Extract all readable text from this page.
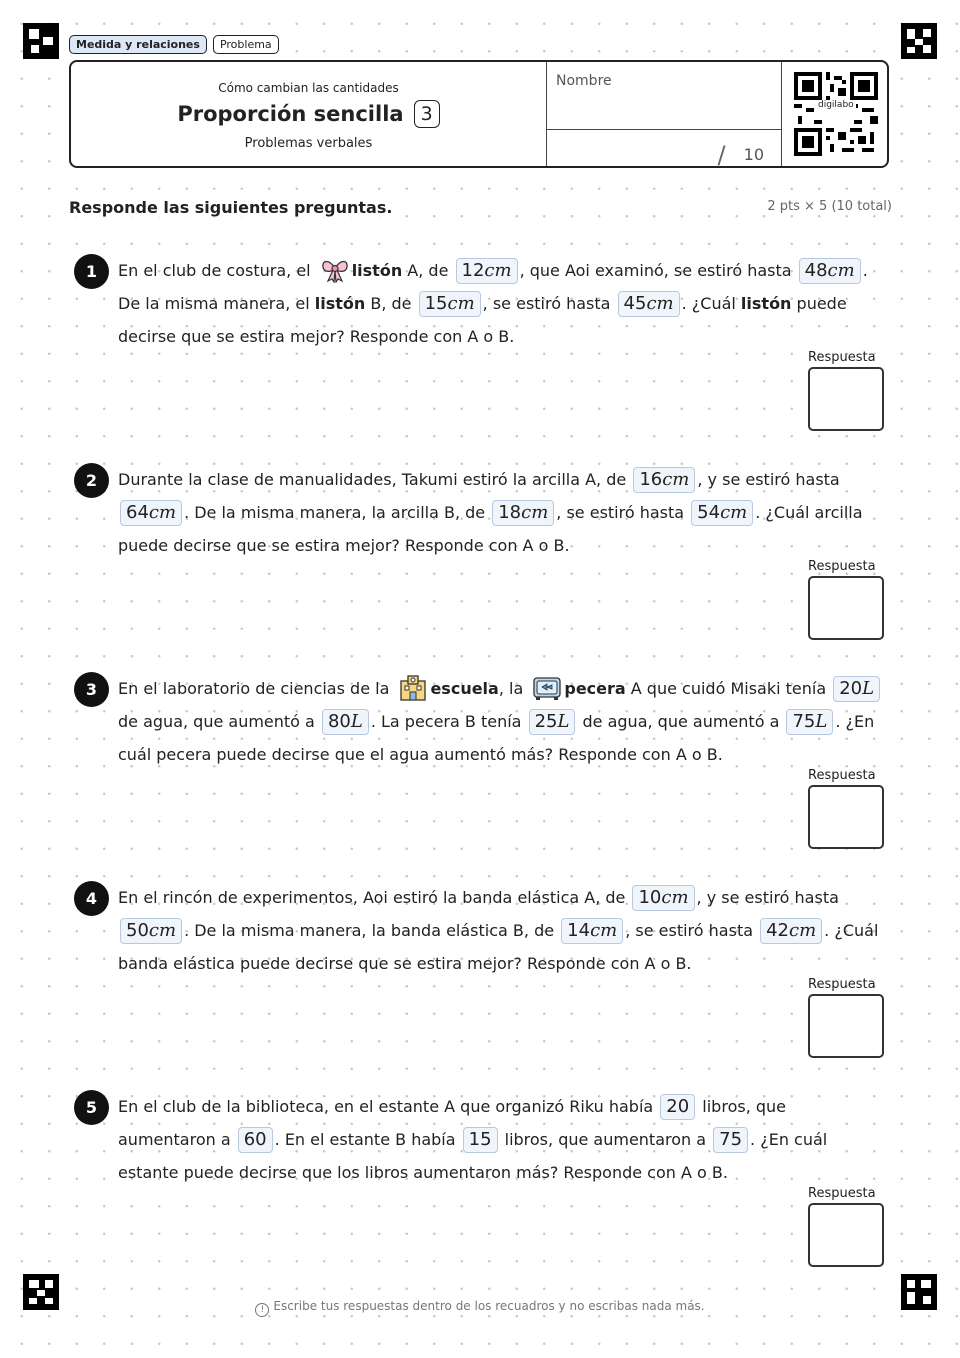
Medida y relaciones	Problema
Cómo cambian las cantidades
Proporción sencilla 3
Problemas verbales
Nombre
/ 10
digilabo
Responde las siguientes preguntas.	2 pts × 5 (10 total)
1	En el club de costura, el listón A, de 12cm , que Aoi examinó, se estiró hasta 48cm . De la misma manera, el listón B, de 15cm , se estiró hasta 45cm . ¿Cuál listón puede decirse que se estira mejor? Responde con A o B.
Respuesta
2	Durante la clase de manualidades, Takumi estiró la arcilla A, de 16cm , y se estiró hasta 64cm . De la misma manera, la arcilla B, de 18cm , se estiró hasta 54cm . ¿Cuál arcilla puede decirse que se estira mejor? Responde con A o B.
Respuesta
3	En el laboratorio de ciencias de la escuela, la pecera A que cuidó Misaki tenía 20L de agua, que aumentó a 80L . La pecera B tenía 25L de agua, que aumentó a 75L . ¿En cuál pecera puede decirse que el agua aumentó más? Responde con A o B.
Respuesta
4	En el rincón de experimentos, Aoi estiró la banda elástica A, de 10cm , y se estiró hasta 50cm . De la misma manera, la banda elástica B, de 14cm , se estiró hasta 42cm . ¿Cuál banda elástica puede decirse que se estira mejor? Responde con A o B.
Respuesta
5	En el club de la biblioteca, en el estante A que organizó Riku había 20 libros, que aumentaron a 60 . En el estante B había 15 libros, que aumentaron a 75 . ¿En cuál estante puede decirse que los libros aumentaron más? Responde con A o B.
Respuesta
! Escribe tus respuestas dentro de los recuadros y no escribas nada más.
